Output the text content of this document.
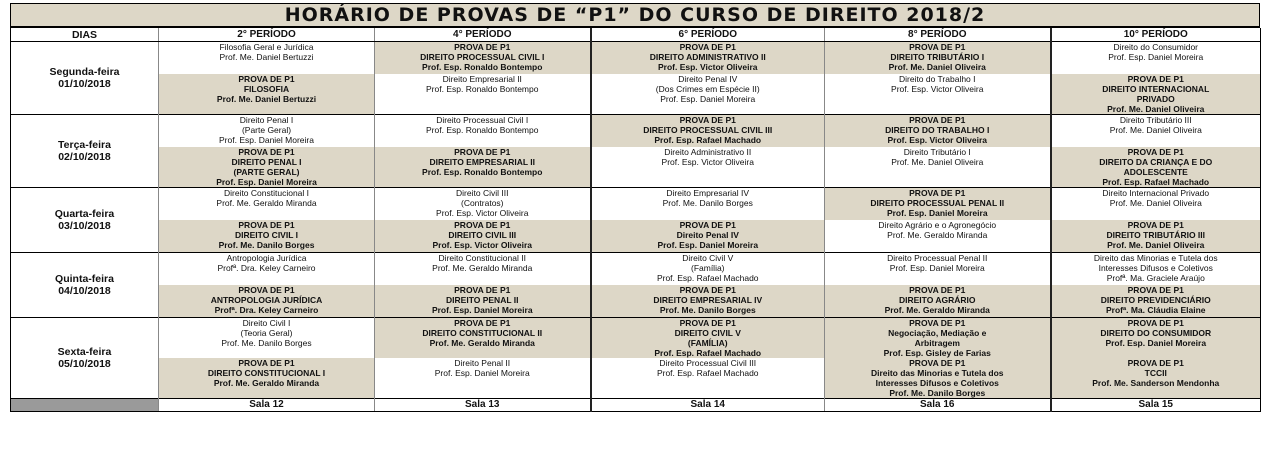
HORÁRIO DE PROVAS DE “P1” DO CURSO DE DIREITO 2018/2
DIAS	2° PERÍODO	4° PERÍODO	6° PERÍODO	8° PERÍODO	10° PERÍODO

Segunda-feira
01/10/2018	Filosofia Geral e Jurídica
Prof. Me. Daniel Bertuzzi	PROVA DE P1
DIREITO PROCESSUAL CIVIL I
Prof. Esp. Ronaldo Bontempo	PROVA DE P1
DIREITO ADMINISTRATIVO II
Prof. Esp. Victor Oliveira	PROVA DE P1
DIREITO TRIBUTÁRIO I
Prof. Me. Daniel Oliveira	Direito do Consumidor
Prof. Esp. Daniel Moreira

	PROVA DE P1
FILOSOFIA
Prof. Me. Daniel Bertuzzi	Direito Empresarial II
Prof. Esp. Ronaldo Bontempo	Direito Penal IV
(Dos Crimes em Espécie II)
Prof. Esp. Daniel Moreira	Direito do Trabalho I
Prof. Esp. Victor Oliveira	PROVA DE P1
DIREITO INTERNACIONAL
PRIVADO
Prof. Me. Daniel Oliveira

Terça-feira
02/10/2018	Direito Penal I
(Parte Geral)
Prof. Esp. Daniel Moreira	Direito Processual Civil I
Prof. Esp. Ronaldo Bontempo	PROVA DE P1
DIREITO PROCESSUAL CIVIL III
Prof. Esp. Rafael Machado	PROVA DE P1
DIREITO DO TRABALHO I
Prof. Esp. Victor Oliveira	Direito Tributário III
Prof. Me. Daniel Oliveira

	PROVA DE P1
DIREITO PENAL I
(PARTE GERAL)
Prof. Esp. Daniel Moreira	PROVA DE P1
DIREITO EMPRESARIAL II
Prof. Esp. Ronaldo Bontempo	Direito Administrativo II
Prof. Esp. Victor Oliveira	Direito Tributário I
Prof. Me. Daniel Oliveira	PROVA DE P1
DIREITO DA CRIANÇA E DO
ADOLESCENTE
Prof. Esp. Rafael Machado

Quarta-feira
03/10/2018	Direito Constitucional I
Prof. Me. Geraldo Miranda	Direito Civil III
(Contratos)
Prof. Esp. Victor Oliveira	Direito Empresarial IV
Prof. Me. Danilo Borges	PROVA DE P1
DIREITO PROCESSUAL PENAL II
Prof. Esp. Daniel Moreira	Direito Internacional Privado
Prof. Me. Daniel Oliveira

	PROVA DE P1
DIREITO CIVIL I
Prof. Me. Danilo Borges	PROVA DE P1
DIREITO CIVIL III
Prof. Esp. Victor Oliveira	PROVA DE P1
Direito Penal IV
Prof. Esp. Daniel Moreira	Direito Agrário e o Agronegócio
Prof. Me. Geraldo Miranda	PROVA DE P1
DIREITO TRIBUTÁRIO III
Prof. Me. Daniel Oliveira

Quinta-feira
04/10/2018	Antropologia Jurídica
Profª. Dra. Keley Carneiro	Direito Constitucional II
Prof. Me. Geraldo Miranda	Direito Civil V
(Família)
Prof. Esp. Rafael Machado	Direito Processual Penal II
Prof. Esp. Daniel Moreira	Direito das Minorias e Tutela dos
Interesses Difusos e Coletivos
Profª. Ma. Graciele Araújo

	PROVA DE P1
ANTROPOLOGIA JURÍDICA
Profª. Dra. Keley Carneiro	PROVA DE P1
DIREITO PENAL II
Prof. Esp. Daniel Moreira	PROVA DE P1
DIREITO EMPRESARIAL IV
Prof. Me. Danilo Borges	PROVA DE P1
DIREITO AGRÁRIO
Prof. Me. Geraldo Miranda	PROVA DE P1
DIREITO PREVIDENCIÁRIO
Profª. Ma. Cláudia Elaine

Sexta-feira
05/10/2018	Direito Civil I
(Teoria Geral)
Prof. Me. Danilo Borges	PROVA DE P1
DIREITO CONSTITUCIONAL II
Prof. Me. Geraldo Miranda	PROVA DE P1
DIREITO CIVIL V
(FAMÍLIA)
Prof. Esp. Rafael Machado	PROVA DE P1
Negociação, Mediação e
Arbitragem
Prof. Esp. Gisley de Farias	PROVA DE P1
DIREITO DO CONSUMIDOR
Prof. Esp. Daniel Moreira

	PROVA DE P1
DIREITO CONSTITUCIONAL I
Prof. Me. Geraldo Miranda	Direito Penal II
Prof. Esp. Daniel Moreira	Direito Processual Civil III
Prof. Esp. Rafael Machado	PROVA DE P1
Direito das Minorias e Tutela dos
Interesses Difusos e Coletivos
Prof. Me. Danilo Borges	PROVA DE P1
TCCII
Prof. Me. Sanderson Mendonha

	Sala 12	Sala 13	Sala 14	Sala 16	Sala 15
